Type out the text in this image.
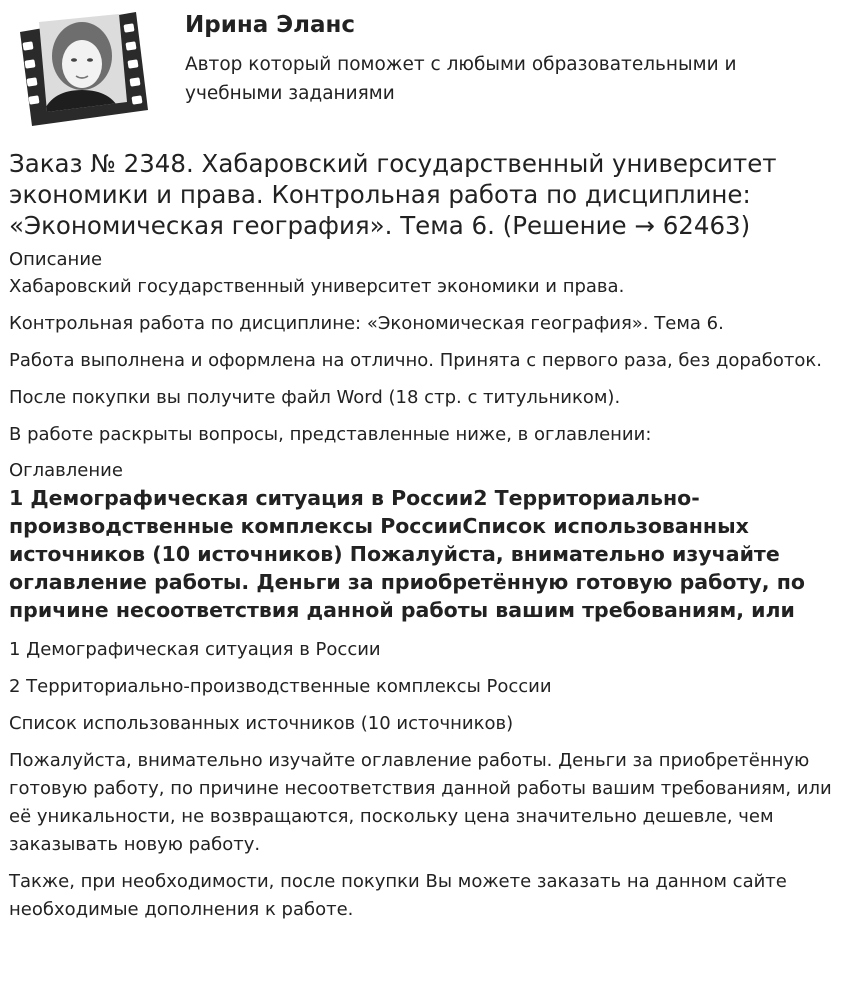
Ирина Эланс
Автор который поможет с любыми образовательными и учебными заданиями
Заказ № 2348. Хабаровский государственный университет экономики и права. Контрольная работа по дисциплине: «Экономическая география». Тема 6. (Решение → 62463)
Описание

Хабаровский государственный университет экономики и права.

Контрольная работа по дисциплине: «Экономическая география». Тема 6.

Работа выполнена и оформлена на отлично. Принята с первого раза, без доработок.

После покупки вы получите файл Word (18 стр. с титульником).

В работе раскрыты вопросы, представленные ниже, в оглавлении:

Оглавление
1 Демографическая ситуация в России2 Территориально-производственные комплексы РоссииСписок использованных источников (10 источников) Пожалуйста, внимательно изучайте оглавление работы. Деньги за приобретённую готовую работу, по причине несоответствия данной работы вашим требованиям, или

1 Демографическая ситуация в России

2 Территориально-производственные комплексы России

Список использованных источников (10 источников)

Пожалуйста, внимательно изучайте оглавление работы. Деньги за приобретённую готовую работу, по причине несоответствия данной работы вашим требованиям, или её уникальности, не возвращаются, поскольку цена значительно дешевле, чем заказывать новую работу.

Также, при необходимости, после покупки Вы можете заказать на данном сайте необходимые дополнения к работе.
